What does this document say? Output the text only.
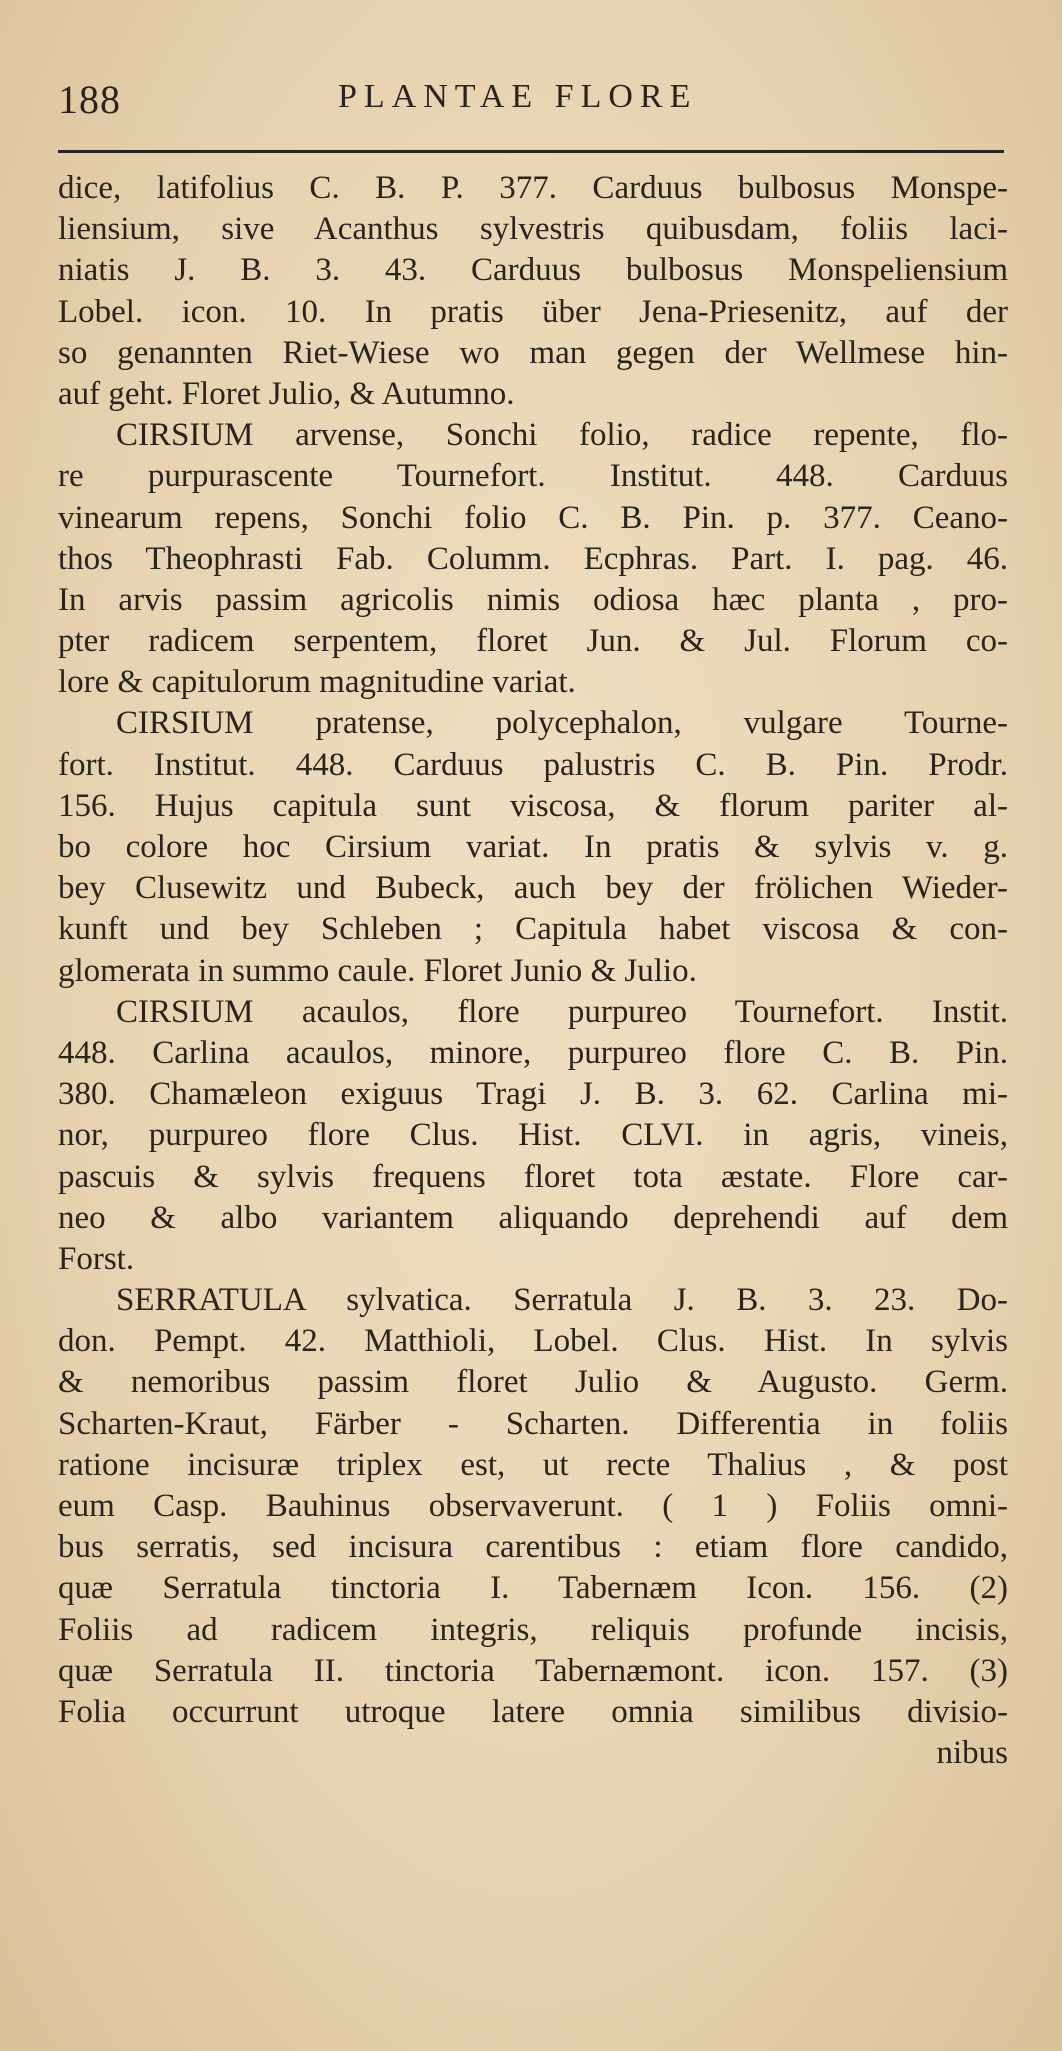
188	PLANTAE FLORE
dice, latifolius C. B. P. 377. Carduus bulbosus Monspe-
liensium, sive Acanthus sylvestris quibusdam, foliis laci-
niatis J. B. 3. 43. Carduus bulbosus Monspeliensium
Lobel. icon. 10. In pratis über Jena-Priesenitz, auf der
so genannten Riet-Wiese wo man gegen der Wellmese hin-
auf geht. Floret Julio, & Autumno.
CIRSIUM arvense, Sonchi folio, radice repente, flo-
re purpurascente Tournefort. Institut. 448. Carduus
vinearum repens, Sonchi folio C. B. Pin. p. 377. Ceano-
thos Theophrasti Fab. Columm. Ecphras. Part. I. pag. 46.
In arvis passim agricolis nimis odiosa hæc planta , pro-
pter radicem serpentem, floret Jun. & Jul. Florum co-
lore & capitulorum magnitudine variat.
CIRSIUM pratense, polycephalon, vulgare Tourne-
fort. Institut. 448. Carduus palustris C. B. Pin. Prodr.
156. Hujus capitula sunt viscosa, & florum pariter al-
bo colore hoc Cirsium variat. In pratis & sylvis v. g.
bey Clusewitz und Bubeck, auch bey der frölichen Wieder-
kunft und bey Schleben ; Capitula habet viscosa & con-
glomerata in summo caule. Floret Junio & Julio.
CIRSIUM acaulos, flore purpureo Tournefort. Instit.
448. Carlina acaulos, minore, purpureo flore C. B. Pin.
380. Chamæleon exiguus Tragi J. B. 3. 62. Carlina mi-
nor, purpureo flore Clus. Hist. CLVI. in agris, vineis,
pascuis & sylvis frequens floret tota æstate. Flore car-
neo & albo variantem aliquando deprehendi auf dem
Forst.
SERRATULA sylvatica. Serratula J. B. 3. 23. Do-
don. Pempt. 42. Matthioli, Lobel. Clus. Hist. In sylvis
& nemoribus passim floret Julio & Augusto. Germ.
Scharten-Kraut, Färber - Scharten. Differentia in foliis
ratione incisuræ triplex est, ut recte Thalius , & post
eum Casp. Bauhinus observaverunt. ( 1 ) Foliis omni-
bus serratis, sed incisura carentibus : etiam flore candido,
quæ Serratula tinctoria I. Tabernæm Icon. 156. (2)
Foliis ad radicem integris, reliquis profunde incisis,
quæ Serratula II. tinctoria Tabernæmont. icon. 157. (3)
Folia occurrunt utroque latere omnia similibus divisio-
nibus
